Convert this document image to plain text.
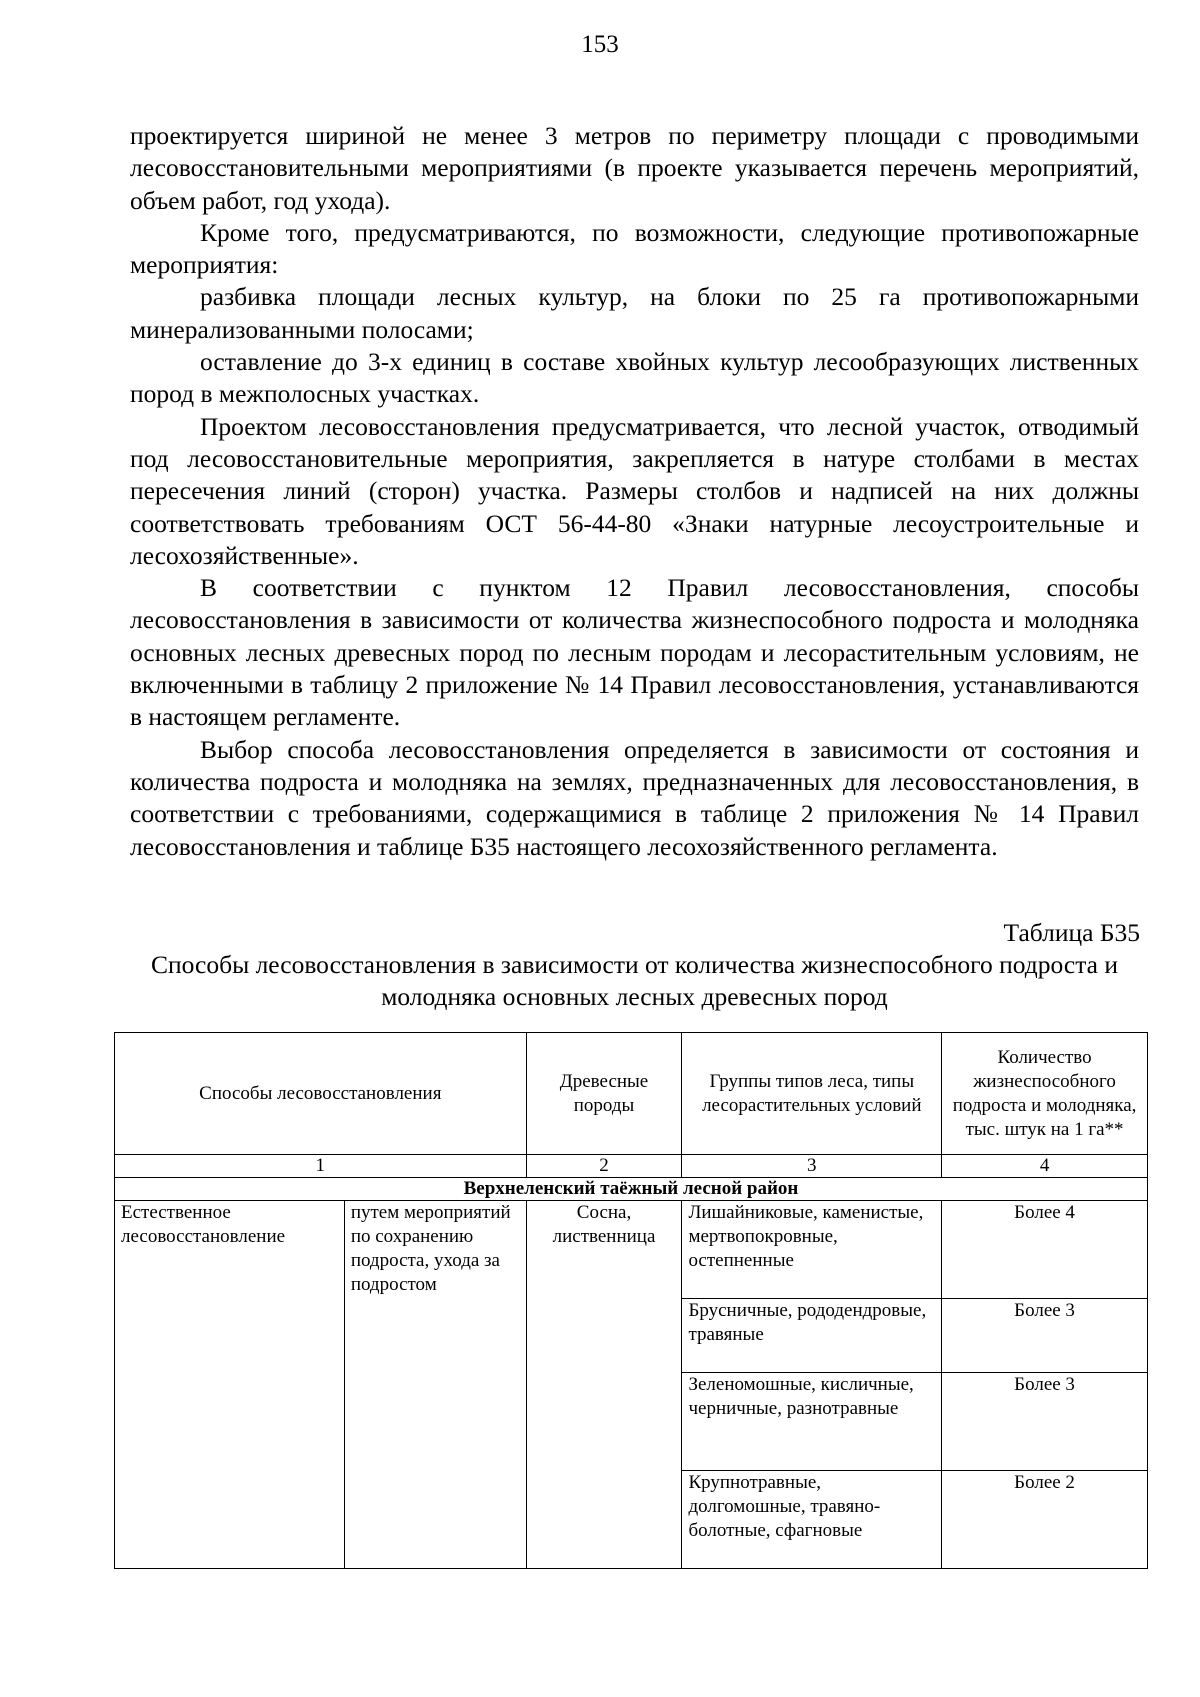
153

проектируется шириной не менее 3 метров по периметру площади с проводимыми лесовосстановительными мероприятиями (в проекте указывается перечень мероприятий, объем работ, год ухода).

Кроме того, предусматриваются, по возможности, следующие противопожарные мероприятия:

разбивка площади лесных культур, на блоки по 25 га противопожарными минерализованными полосами;

оставление до 3-х единиц в составе хвойных культур лесообразующих лиственных пород в межполосных участках.

Проектом лесовосстановления предусматривается, что лесной участок, отводимый под лесовосстановительные мероприятия, закрепляется в натуре столбами в местах пересечения линий (сторон) участка. Размеры столбов и надписей на них должны соответствовать требованиям ОСТ 56-44-80 «Знаки натурные лесоустроительные и лесохозяйственные».

В соответствии с пунктом 12 Правил лесовосстановления, способы лесовосстановления в зависимости от количества жизнеспособного подроста и молодняка основных лесных древесных пород по лесным породам и лесорастительным условиям, не включенными в таблицу 2 приложение № 14 Правил лесовосстановления, устанавливаются в настоящем регламенте.

Выбор способа лесовосстановления определяется в зависимости от состояния и количества подроста и молодняка на землях, предназначенных для лесовосстановления, в соответствии с требованиями, содержащимися в таблице 2 приложения № 14 Правил лесовосстановления и таблице Б35 настоящего лесохозяйственного регламента.

Таблица Б35
Способы лесовосстановления в зависимости от количества жизнеспособного подроста и молодняка основных лесных древесных пород
Способы лесовосстановления		Древесные породы	Группы типов леса, типы лесорастительных условий	Количество жизнеспособного подроста и молодняка, тыс. штук на 1 га**
1		2	3	4
Верхнеленский таёжный лесной район				
Естественное лесовосстановление	путем мероприятий по сохранению подроста, ухода за подростом	Сосна, лиственница	Лишайниковые, каменистые, мертвопокровные, остепненные	Более 4
			Брусничные, рододендровые, травяные	Более 3
			Зеленомошные, кисличные, черничные, разнотравные	Более 3
			Крупнотравные, долгомошные, травяно-болотные, сфагновые	Более 2
